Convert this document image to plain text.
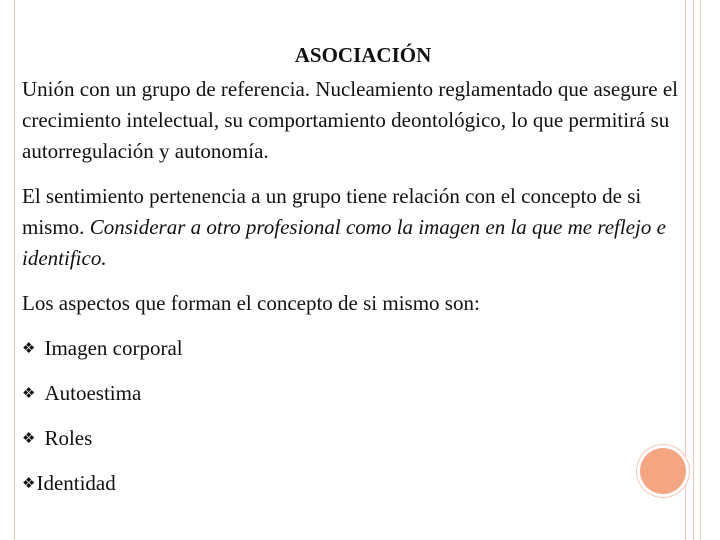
ASOCIACIÓN

Unión con un grupo de referencia. Nucleamiento reglamentado que asegure el crecimiento intelectual, su comportamiento deontológico, lo que permitirá su autorregulación y autonomía.

El sentimiento pertenencia a un grupo tiene relación con el concepto de si mismo. Considerar a otro profesional como la imagen en la que me reflejo e identifico.

Los aspectos que forman el concepto de si mismo son:

❖ Imagen corporal
❖ Autoestima
❖ Roles
❖ Identidad
